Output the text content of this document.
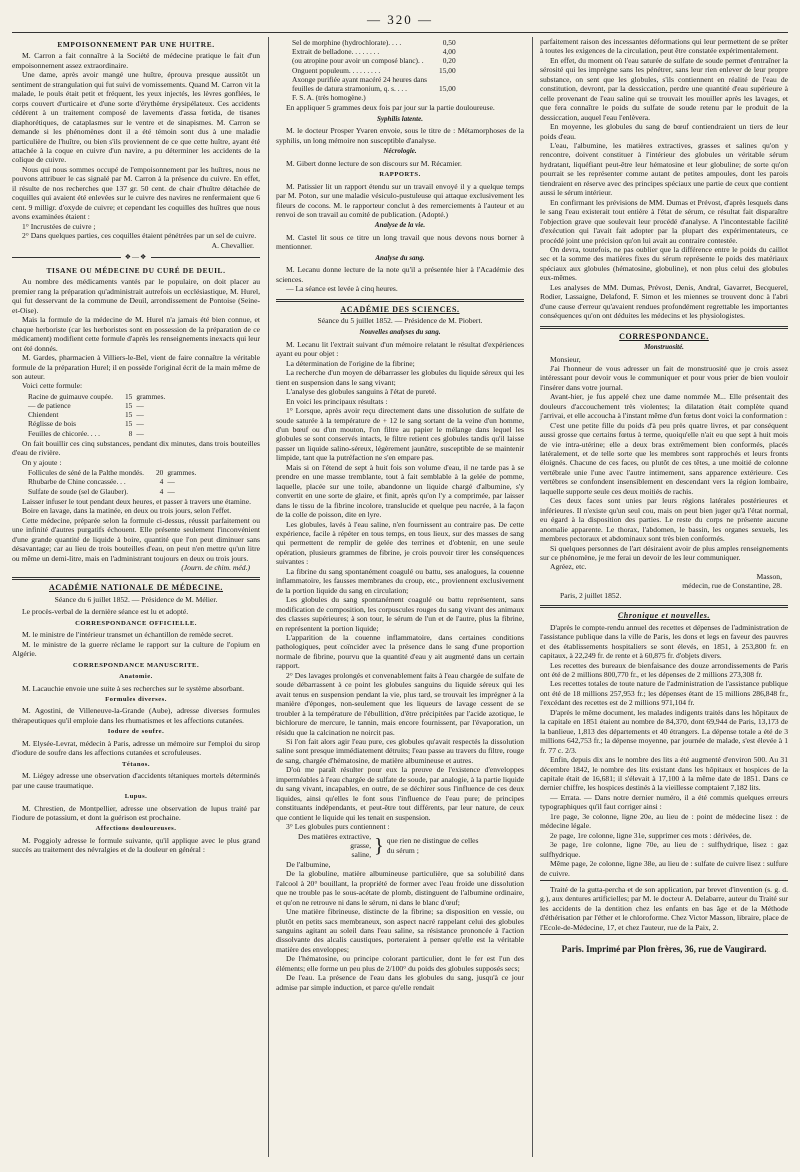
— 320 —
EMPOISONNEMENT PAR UNE HUITRE.

M. Carron a fait connaître à la Société de médecine pratique le fait d'un empoisonnement assez extraordinaire.

Une dame, après avoir mangé une huître, éprouva presque aussitôt un sentiment de strangulation qui fut suivi de vomissements. Quand M. Carron vit la malade, le pouls était petit et fréquent, les yeux injectés, les lèvres gonflées, le corps couvert d'urticaire et d'une sorte d'érythème érysipélateux. Ces accidents cédèrent à un traitement composé de lavements d'assa fœtida, de tisanes diaphorétiques, de cataplasmes sur le ventre et de sinapismes. M. Carron se demande si les phénomènes dont il a été témoin sont dus à une maladie particulière de l'huître, ou bien s'ils proviennent de ce que cette huître, ayant été attachée à la coque en cuivre d'un navire, a pu déterminer les accidents de la colique de cuivre.

Nous qui nous sommes occupé de l'empoisonnement par les huîtres, nous ne pouvons attribuer le cas signalé par M. Carron à la présence du cuivre. En effet, il résulte de nos recherches que 137 gr. 50 cent. de chair d'huître détachée de coquilles qui avaient été enlevées sur le cuivre des navires ne renfermaient que 6 cent. 9 milligr. d'oxyde de cuivre; et cependant les coquilles des huîtres que nous avons examinées étaient :

1° Incrustées de cuivre ;

2° Dans quelques parties, ces coquilles étaient pénétrées par un sel de cuivre.

A. Chevallier.
❖—❖
TISANE OU MÉDECINE DU CURÉ DE DEUIL.

Au nombre des médicaments vantés par le populaire, on doit placer au premier rang la préparation qu'administrait autrefois un ecclésiastique, M. Hurel, qui fut desservant de la commune de Deuil, arrondissement de Pontoise (Seine-et-Oise).

Mais la formule de la médecine de M. Hurel n'a jamais été bien connue, et chaque herboriste (car les herboristes sont en possession de la préparation de ce médicament) modifient cette formule d'après les renseignements inexacts qui leur ont été donnés.

M. Gardes, pharmacien à Villiers-le-Bel, vient de faire connaître la véritable formule de la préparation Hurel; il en possède l'original écrit de la main même de son auteur.

Voici cette formule:

Racine de guimauve coupée.	15	grammes.
— de patience	15	—
Chiendent	15	—
Réglisse de bois	15	—
Feuilles de chicorée. . . .	8	—

On fait bouillir ces cinq substances, pendant dix minutes, dans trois bouteilles d'eau de rivière.

On y ajoute :

Follicules de séné de la Palthe mondés.	20	grammes.
Rhubarbe de Chine concassée. . .	4	—
Sulfate de soude (sel de Glauber).	4	—

Laisser infuser le tout pendant deux heures, et passer à travers une étamine.

Boire en lavage, dans la matinée, en deux ou trois jours, selon l'effet.

Cette médecine, préparée selon la formule ci-dessus, réussit parfaitement ou une infinité d'autres purgatifs échouent. Elle présente seulement l'inconvénient d'une grande quantité de liquide à boire, quantité que l'on peut diminuer sans désavantage; car au lieu de trois bouteilles d'eau, on peut n'en mettre qu'un litre ou même un demi-litre, mais en l'administrant toujours en deux ou trois jours.

(Journ. de chim. méd.)
ACADÉMIE NATIONALE DE MÉDECINE.
Séance du 6 juillet 1852. — Présidence de M. Mélier.

Le procès-verbal de la dernière séance est lu et adopté.

CORRESPONDANCE OFFICIELLE.

M. le ministre de l'intérieur transmet un échantillon de remède secret.

M. le ministre de la guerre réclame le rapport sur la culture de l'opium en Algérie.

CORRESPONDANCE MANUSCRITE.
Anatomie.

M. Lacauchie envoie une suite à ses recherches sur le système absorbant.

Formules diverses.

M. Agostini, de Villeneuve-la-Grande (Aube), adresse diverses formules thérapeutiques qu'il emploie dans les rhumatismes et les affections cutanées.

Iodure de soufre.

M. Elysée-Levrat, médecin à Paris, adresse un mémoire sur l'emploi du sirop d'iodure de soufre dans les affections cutanées et scrofuleuses.

Tétanos.

M. Liégey adresse une observation d'accidents tétaniques mortels déterminés par une cause traumatique.

Lupus.

M. Chrestien, de Montpellier, adresse une observation de lupus traité par l'iodure de potassium, et dont la guérison est prochaine.

Affections douloureuses.

M. Poggioly adresse le formule suivante, qu'il applique avec le plus grand succès au traitement des névralgies et de la douleur en général :

Sel de morphine (hydrochlorate). . . .	0,50
Extrait de belladone. . . . . . . .	4,00
(ou atropine pour avoir un composé blanc). .	0,20
Onguent populeum. . . . . . . . .	15,00
Axonge purifiée ayant macéré 24 heures dans	
feuilles de datura stramonium, q. s. . . .	15,00
F. S. A. (très homogène.)	

En appliquer 5 grammes deux fois par jour sur la partie douloureuse.

Syphilis latente.

M. le docteur Prosper Yvaren envoie, sous le titre de : Métamorphoses de la syphilis, un long mémoire non susceptible d'analyse.

Nécrologie.

M. Gibert donne lecture de son discours sur M. Récamier.

RAPPORTS.

M. Patissier lit un rapport étendu sur un travail envoyé il y a quelque temps par M. Poton, sur une maladie vésiculo-pustuleuse qui attaque exclusivement les fileurs de cocons. M. le rapporteur conclut à des remerciements à l'auteur et au renvoi de son travail au comité de publication. (Adopté.)

Analyse de la vie.

M. Castel lit sous ce titre un long travail que nous devons nous borner à mentionner.

Analyse du sang.

M. Lecanu donne lecture de la note qu'il a présentée hier à l'Académie des sciences.

— La séance est levée à cinq heures.

ACADÉMIE DES SCIENCES.
Séance du 5 juillet 1852. — Présidence de M. Piobert.
Nouvelles analyses du sang.

M. Lecanu lit l'extrait suivant d'un mémoire relatant le résultat d'expériences ayant eu pour objet :

La détermination de l'origine de la fibrine;

La recherche d'un moyen de débarrasser les globules du liquide séreux qui les tient en suspension dans le sang vivant;

L'analyse des globules sanguins à l'état de pureté.

En voici les principaux résultats :

1° Lorsque, après avoir reçu directement dans une dissolution de sulfate de soude saturée à la température de + 12 le sang sortant de la veine d'un homme, d'un bœuf ou d'un mouton, l'on filtre au papier le mélange dans lequel les globules se sont conservés intacts, le filtre retient ces globules tandis qu'il laisse passer un liquide salino-séreux, légèrement jaunâtre, susceptible de se maintenir limpide, tant que la putréfaction ne s'en empare pas.

Mais si on l'étend de sept à huit fois son volume d'eau, il ne tarde pas à se prendre en une masse tremblante, tout à fait semblable à la gelée de pomme, laquelle, placée sur une toile, abandonne un liquide chargé d'albumine, s'y convertit en une sorte de glaire, et finit, après qu'on l'y a comprimée, par laisser dans le tissu de la fibrine incolore, translucide et quelque peu nacrée, à la façon de la colle de poisson, dite en lyre.

Les globules, lavés à l'eau saline, n'en fournissent au contraire pas. De cette expérience, facile à répéter en tous temps, en tous lieux, sur des masses de sang qui permettent de remplir de gelée des terrines et d'obtenir, en une seule opération, plusieurs grammes de fibrine, je crois pouvoir tirer les conséquences suivantes :

La fibrine du sang spontanément coagulé ou battu, ses analogues, la couenne inflammatoire, les fausses membranes du croup, etc., proviennent exclusivement de la portion liquide du sang en circulation;

Les globules du sang spontanément coagulé ou battu représentent, sans modification de composition, les corpuscules rouges du sang vivant des animaux des classes supérieures; à son tour, le sérum de l'un et de l'autre, plus la fibrine, en représentent la portion liquide;

L'apparition de la couenne inflammatoire, dans certaines conditions pathologiques, peut coïncider avec la présence dans le sang d'une proportion normale de fibrine, pourvu que la quantité d'eau y ait augmenté dans un certain rapport.

2° Des lavages prolongés et convenablement faits à l'eau chargée de sulfate de soude débarrassent à ce point les globules sanguins du liquide séreux qui les avait tenus en suspension pendant la vie, plus tard, se trouvait les imprégner à la manière d'éponges, non-seulement que les liqueurs de lavage cessent de se troubler à la température de l'ébullition, d'être précipitées par l'acide azotique, le bichlorure de mercure, le tannin, mais encore fournissent, par l'évaporation, un résidu que la calcination ne noircit pas.

Si l'on fait alors agir l'eau pure, ces globules qu'avait respectés la dissolution saline sont presque immédiatement détruits; l'eau passe au travers du filtre, rouge de sang, chargée d'hématosine, de matière albumineuse et autres.

D'où me paraît résulter pour eux la preuve de l'existence d'enveloppes imperméables à l'eau chargée de sulfate de soude, par analogie, à la partie liquide du sang vivant, incapables, en outre, de se déchirer sous l'influence de ces deux liquides, ainsi qu'elles le font sous l'influence de l'eau pure; de principes constituants indépendants, et peut-être tout différents, par leur nature, de ceux que contient le liquide qui les tenait en suspension.

3° Les globules purs contiennent :

Des matières extractive,
grasse,
saline, } que rien ne distingue de celles
du sérum ;

De l'albumine,

De la globuline, matière albumineuse particulière, que sa solubilité dans l'alcool à 20° bouillant, la propriété de former avec l'eau froide une dissolution que ne trouble pas le sous-acétate de plomb, distinguent de l'albumine ordinaire, et qu'on ne retrouve ni dans le sérum, ni dans le blanc d'œuf;

Une matière fibrineuse, distincte de la fibrine; sa disposition en vessie, ou plutôt en petits sacs membraneux, son aspect nacré rappelant celui des globules sanguins agitant au soleil dans l'eau saline, sa résistance prononcée à l'action dissolvante des alcalis caustiques, porteraient à penser qu'elle est la véritable matière des enveloppes;

De l'hématosine, ou principe colorant particulier, dont le fer est l'un des éléments; elle forme un peu plus de 2/100° du poids des globules supposés secs;

De l'eau. La présence de l'eau dans les globules du sang, jusqu'à ce jour admise par simple induction, et parce qu'elle rendait

parfaitement raison des incessantes déformations qui leur permettent de se prêter à toutes les exigences de la circulation, peut être constatée expérimentalement.

En effet, du moment où l'eau saturée de sulfate de soude permet d'entraîner la sérosité qui les imprègne sans les pénétrer, sans leur rien enlever de leur propre substance, on sent que les globules, s'ils contiennent en réalité de l'eau de constitution, devront, par la dessiccation, perdre une quantité d'eau supérieure à celle provenant de l'eau saline qui se trouvait les mouiller après les lavages, et que fera connaître le poids du sulfate de soude retenu par le produit de la dessiccation, auquel l'eau l'enlèvera.

En moyenne, les globules du sang de bœuf contiendraient un tiers de leur poids d'eau.

L'eau, l'albumine, les matières extractives, grasses et salines qu'on y rencontre, doivent constituer à l'intérieur des globules un véritable sérum hydratant, liquéfiant peut-être leur hématosine et leur globuline; de sorte qu'on pourrait se les représenter comme autant de petites ampoules, dont les parois tiendraient en réserve avec des principes spéciaux une partie de ceux que contient aussi le sérum intérieur.

En confirmant les prévisions de MM. Dumas et Prévost, d'après lesquels dans le sang l'eau existerait tout entière à l'état de sérum, ce résultat fait disparaître l'objection grave que soulevait leur procédé d'analyse. A l'incontestable facilité d'exécution qui l'avait fait adopter par la plupart des expérimentateurs, ce procédé joint une précision qu'on lui avait au contraire contestée.

On devra, toutefois, ne pas oublier que la différence entre le poids du caillot sec et la somme des matières fixes du sérum représente le poids des matériaux spéciaux aux globules (hématosine, globuline), et non plus celui des globules eux-mêmes.

Les analyses de MM. Dumas, Prévost, Denis, Andral, Gavarret, Becquerel, Rodier, Lassaigne, Delafond, F. Simon et les miennes se trouvent donc à l'abri d'une cause d'erreur qu'avaient rendues profondément regrettable les importantes conséquences qu'on ont déduites les médecins et les physiologistes.

CORRESPONDANCE.
Monstruosité.

Monsieur,

J'ai l'honneur de vous adresser un fait de monstruosité que je crois assez intéressant pour devoir vous le communiquer et pour vous prier de bien vouloir l'insérer dans votre journal.

Avant-hier, je fus appelé chez une dame nommée M... Elle présentait des douleurs d'accouchement très violentes; la dilatation était complète quand j'arrivai, et elle accoucha à l'instant même d'un fœtus dont voici la conformation :

C'est une petite fille du poids d'à peu près quatre livres, et par conséquent aussi grosse que certains fœtus à terme, quoiqu'elle n'ait eu que sept à huit mois de vie intra-utérine; elle a deux bras extrêmement bien conformés, placés latéralement, et de telle sorte que les membres sont rapprochés et leurs fronts éloignés. Chacune de ces faces, ou plutôt de ces têtes, a une moitié de colonne vertébrale unie l'une avec l'autre intimement, sans apparence extérieure. Ces vertèbres se confondent insensiblement en descendant vers la région lombaire, laquelle supporte seule ces deux moitiés de rachis.

Ces deux faces sont unies par leurs régions latérales postérieures et inférieures. Il n'existe qu'un seul cou, mais on peut bien juger qu'à l'état normal, eu égard à la disposition des parties. Le reste du corps ne présente aucune anomalie apparente. Le thorax, l'abdomen, le bassin, les organes sexuels, les membres pectoraux et abdominaux sont très bien conformés.

Si quelques personnes de l'art désiraient avoir de plus amples renseignements sur ce phénomène, je me ferai un devoir de les leur communiquer.

Agréez, etc.

Masson,
médecin, rue de Constantine, 28.
Paris, 2 juillet 1852.
Chronique et nouvelles.

D'après le compte-rendu annuel des recettes et dépenses de l'administration de l'assistance publique dans la ville de Paris, les dons et legs en faveur des pauvres et des établissements hospitaliers se sont élevés, en 1851, à 253,800 fr. en capitaux, à 22,249 fr. de rente et à 60,875 fr. d'objets divers.

Les recettes des bureaux de bienfaisance des douze arrondissements de Paris ont été de 2 millions 800,770 fr., et les dépenses de 2 millions 273,308 fr.

Les recettes totales de toute nature de l'administration de l'assistance publique ont été de 18 millions 257,953 fr.; les dépenses étant de 15 millions 286,848 fr., l'excédant des recettes est de 2 millions 971,104 fr.

D'après le même document, les malades indigents traités dans les hôpitaux de la capitale en 1851 étaient au nombre de 84,370, dont 69,944 de Paris, 13,173 de la banlieue, 1,813 des départements et 40 étrangers. La dépense totale a été de 3 millions 642,753 fr.; la dépense moyenne, par journée de malade, s'est élevée à 1 fr. 77 c. 2/3.

Enfin, depuis dix ans le nombre des lits a été augmenté d'environ 500. Au 31 décembre 1842, le nombre des lits existant dans les hôpitaux et hospices de la capitale était de 16,681; il s'élevait à 17,100 à la même date de 1851. Dans ce dernier chiffre, les hospices destinés à la vieillesse comptaient 7,182 lits.

— Errata. — Dans notre dernier numéro, il a été commis quelques erreurs typographiques qu'il faut corriger ainsi :

1re page, 3e colonne, ligne 20e, au lieu de : point de médecine lisez : de médecine légale.

2e page, 1re colonne, ligne 31e, supprimer ces mots : dérivées, de.

3e page, 1re colonne, ligne 70e, au lieu de : sulfhydrique, lisez : gaz sulfhydrique.

Même page, 2e colonne, ligne 38e, au lieu de : sulfate de cuivre lisez : sulfure de cuivre.

Traité de la gutta-percha et de son application, par brevet d'invention (s. g. d. g.), aux dentures artificielles; par M. le docteur A. Delabarre, auteur du Traité sur les accidents de la dentition chez les enfants en bas âge et de la Méthode d'éthérisation par l'éther et le chloroforme. Chez Victor Masson, libraire, place de l'Ecole-de-Médecine, 17, et chez l'auteur, rue de la Paix, 2.

Paris. Imprimé par Plon frères, 36, rue de Vaugirard.
